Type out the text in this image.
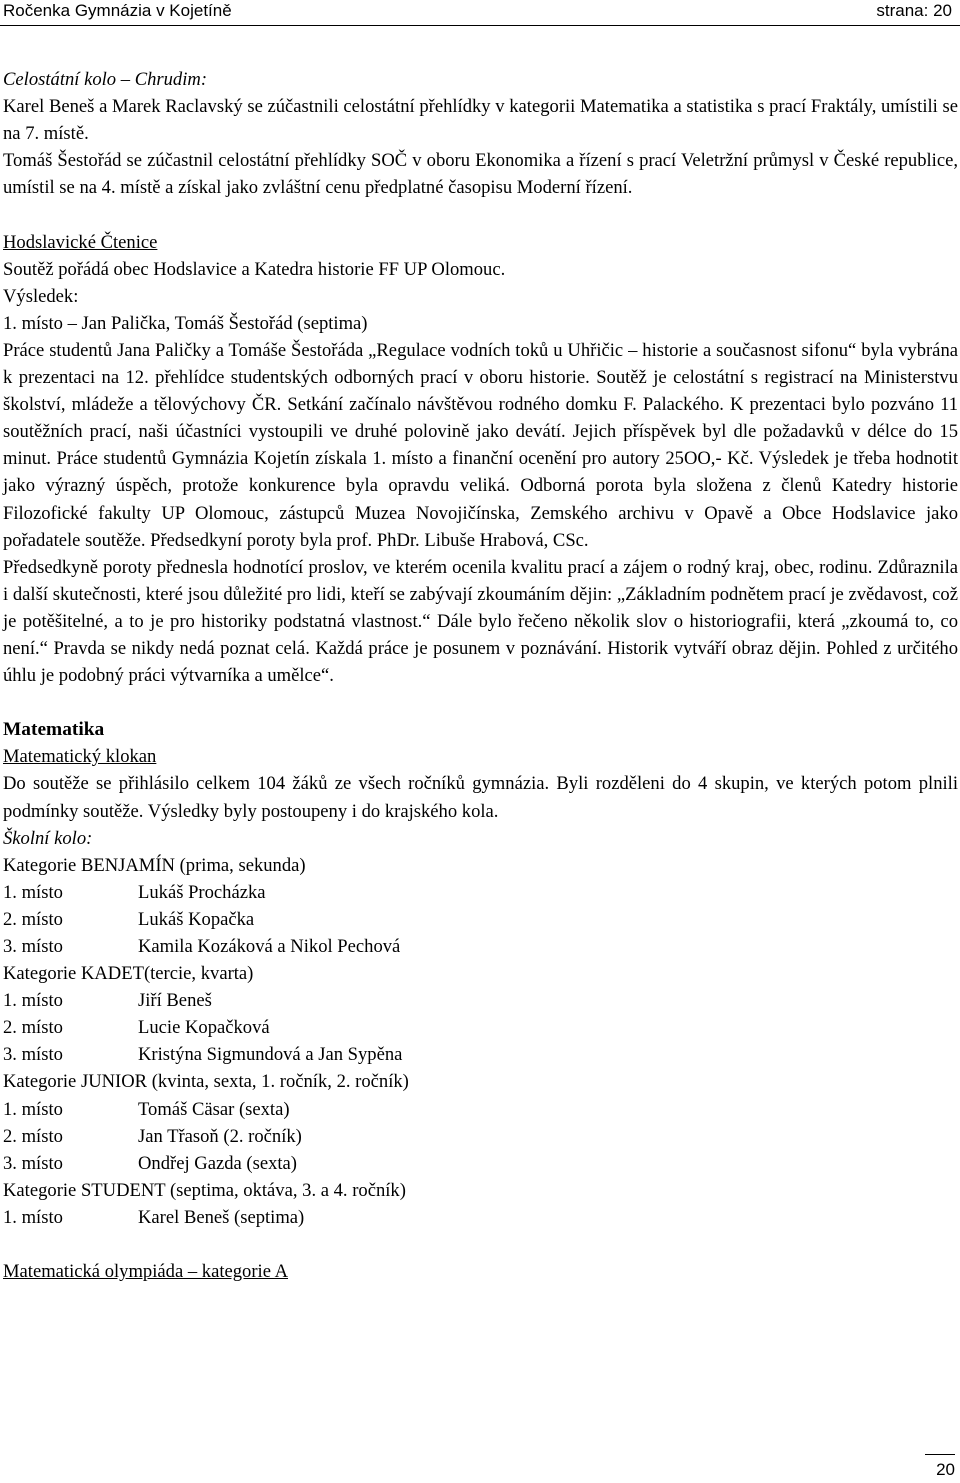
Ročenka Gymnázia v Kojetíně	strana: 20

Celostátní kolo – Chrudim:

Karel Beneš a Marek Raclavský se zúčastnili celostátní přehlídky v kategorii Matematika a statistika s prací Fraktály, umístili se na 7. místě.

Tomáš Šestořád se zúčastnil celostátní přehlídky SOČ v oboru Ekonomika a řízení s prací Veletržní průmysl v České republice, umístil se na 4. místě a získal jako zvláštní cenu předplatné časopisu Moderní řízení.

Hodslavické Čtenice

Soutěž pořádá obec Hodslavice a Katedra historie FF UP Olomouc.

Výsledek:

1. místo – Jan Palička, Tomáš Šestořád (septima)

Práce studentů Jana Paličky a Tomáše Šestořáda „Regulace vodních toků u Uhřičic – historie a současnost sifonu“ byla vybrána k prezentaci na 12. přehlídce studentských odborných prací v oboru historie. Soutěž je celostátní s registrací na Ministerstvu školství, mládeže a tělovýchovy ČR. Setkání začínalo návštěvou rodného domku F. Palackého. K prezentaci bylo pozváno 11 soutěžních prací, naši účastníci vystoupili ve druhé polovině jako devátí. Jejich příspěvek byl dle požadavků v délce do 15 minut. Práce studentů Gymnázia Kojetín získala 1. místo a finanční ocenění pro autory 25OO,- Kč. Výsledek je třeba hodnotit jako výrazný úspěch, protože konkurence byla opravdu veliká. Odborná porota byla složena z členů Katedry historie Filozofické fakulty UP Olomouc, zástupců Muzea Novojičínska, Zemského archivu v Opavě a Obce Hodslavice jako pořadatele soutěže. Předsedkyní poroty byla prof. PhDr. Libuše Hrabová, CSc.

Předsedkyně poroty přednesla hodnotící proslov, ve kterém ocenila kvalitu prací a zájem o rodný kraj, obec, rodinu. Zdůraznila i další skutečnosti, které jsou důležité pro lidi, kteří se zabývají zkoumáním dějin: „Základním podnětem prací je zvědavost, což je potěšitelné, a to je pro historiky podstatná vlastnost.“ Dále bylo řečeno několik slov o historiografii, která „zkoumá to, co není.“ Pravda se nikdy nedá poznat celá. Každá práce je posunem v poznávání. Historik vytváří obraz dějin. Pohled z určitého úhlu je podobný práci výtvarníka a umělce“.

Matematika

Matematický klokan

Do soutěže se přihlásilo celkem 104 žáků ze všech ročníků gymnázia. Byli rozděleni do 4 skupin, ve kterých potom plnili podmínky soutěže. Výsledky byly postoupeny i do krajského kola.

Školní kolo:

Kategorie BENJAMÍN (prima, sekunda)

1. místo	Lukáš Procházka
2. místo	Lukáš Kopačka
3. místo	Kamila Kozáková a Nikol Pechová

Kategorie KADET(tercie, kvarta)

1. místo	Jiří Beneš
2. místo	Lucie Kopačková
3. místo	Kristýna Sigmundová a Jan Sypěna

Kategorie JUNIOR (kvinta, sexta, 1. ročník, 2. ročník)

1. místo	Tomáš Cäsar (sexta)
2. místo	Jan Třasoň (2. ročník)
3. místo	Ondřej Gazda (sexta)

Kategorie STUDENT (septima, oktáva, 3. a 4. ročník)

1. místo	Karel Beneš (septima)

Matematická olympiáda – kategorie A

20
